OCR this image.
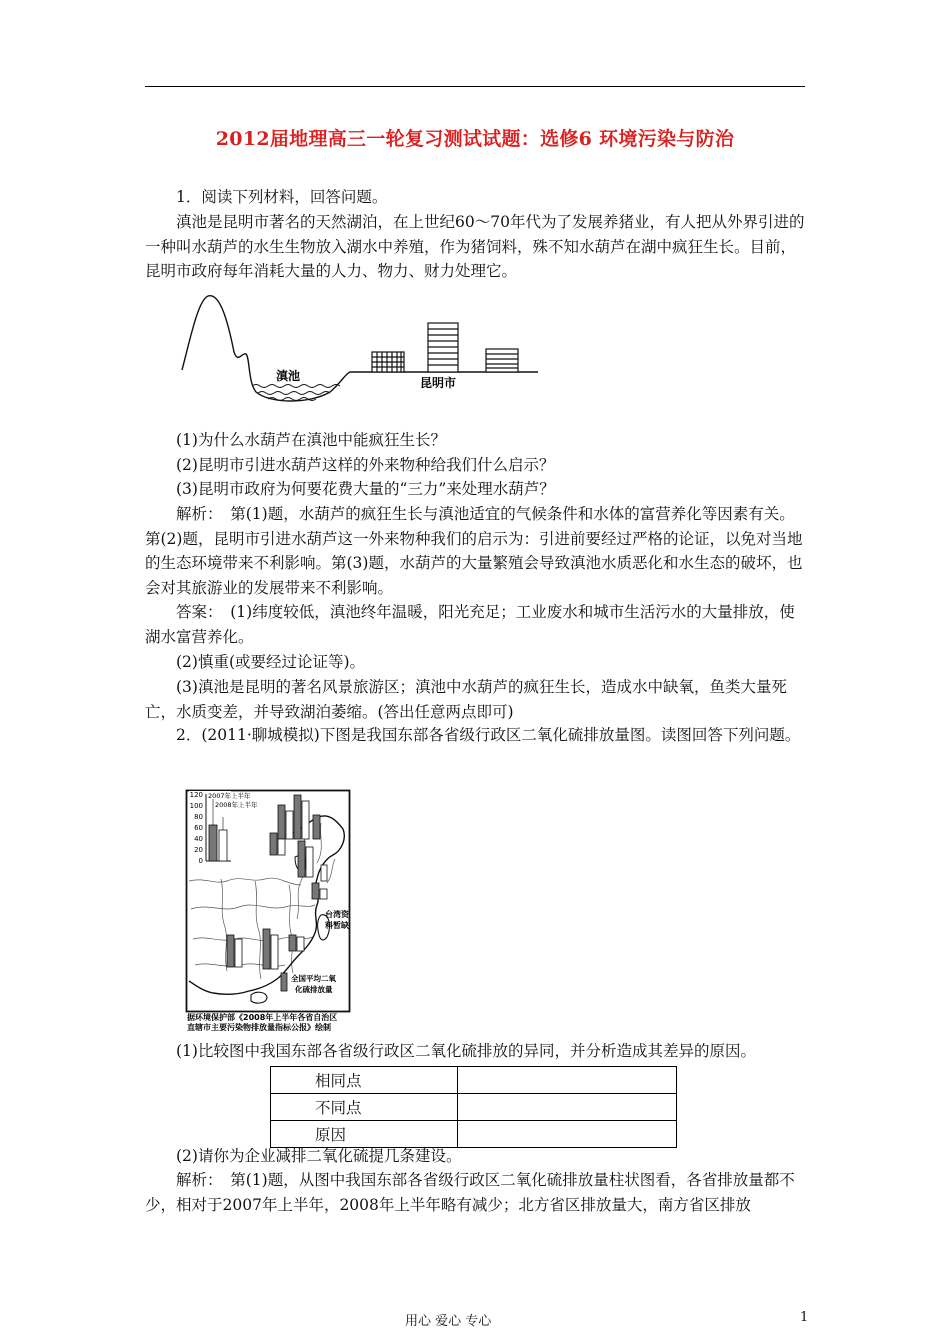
2012届地理高三一轮复习测试试题：选修6 环境污染与防治
1．阅读下列材料，回答问题。
滇池是昆明市著名的天然湖泊，在上世纪60～70年代为了发展养猪业，有人把从外界引进的一种叫水葫芦的水生生物放入湖水中养殖，作为猪饲料，殊不知水葫芦在湖中疯狂生长。目前，昆明市政府每年消耗大量的人力、物力、财力处理它。
滇池	昆明市
(1)为什么水葫芦在滇池中能疯狂生长？
(2)昆明市引进水葫芦这样的外来物种给我们什么启示？
(3)昆明市政府为何要花费大量的“三力”来处理水葫芦？
解析：　第(1)题，水葫芦的疯狂生长与滇池适宜的气候条件和水体的富营养化等因素有关。第(2)题，昆明市引进水葫芦这一外来物种我们的启示为：引进前要经过严格的论证，以免对当地的生态环境带来不利影响。第(3)题，水葫芦的大量繁殖会导致滇池水质恶化和水生态的破坏，也会对其旅游业的发展带来不利影响。
答案：　(1)纬度较低，滇池终年温暖，阳光充足；工业废水和城市生活污水的大量排放，使湖水富营养化。
(2)慎重(或要经过论证等)。
(3)滇池是昆明的著名风景旅游区；滇池中水葫芦的疯狂生长，造成水中缺氧，鱼类大量死亡，水质变差，并导致湖泊萎缩。(答出任意两点即可)
2．(2011·聊城模拟)下图是我国东部各省级行政区二氧化硫排放量图。读图回答下列问题。
120
100
80
60
40
20
0
2007年上半年
2008年上半年
台湾资
料暂缺
全国平均二氧
化硫排放量
据环境保护部《2008年上半年各省自治区
直辖市主要污染物排放量指标公报》绘制
(1)比较图中我国东部各省级行政区二氧化硫排放的异同，并分析造成其差异的原因。
相同点	
不同点	
原因	
(2)请你为企业减排二氧化硫提几条建设。
解析：　第(1)题，从图中我国东部各省级行政区二氧化硫排放量柱状图看，各省排放量都不少，相对于2007年上半年，2008年上半年略有减少；北方省区排放量大，南方省区排放
用心 爱心 专心	1
